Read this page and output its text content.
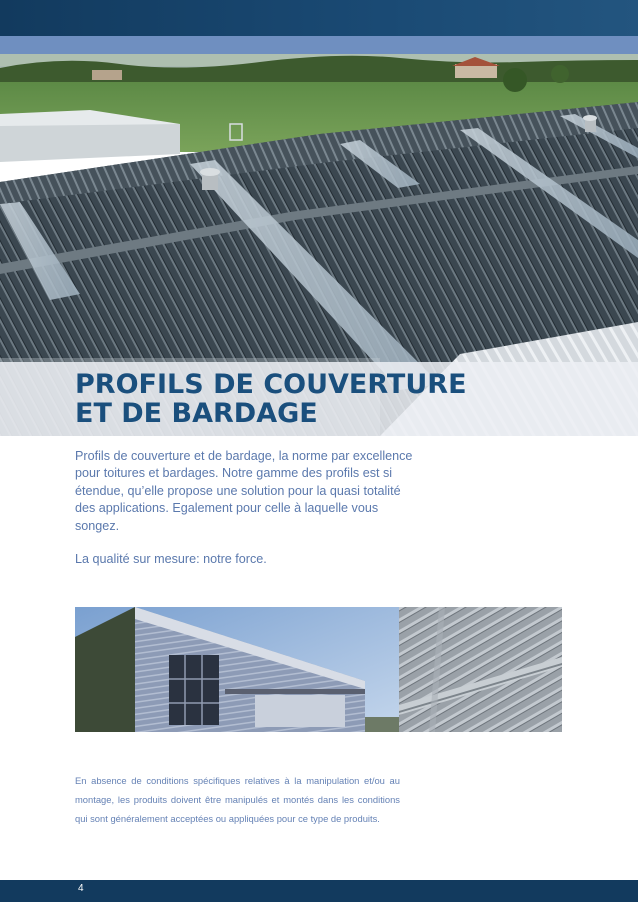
PROFILS DE COUVERTURE
ET DE BARDAGE

Profils de couverture et de bardage, la norme par excellence pour toitures et bardages. Notre gamme des profils est si étendue, qu’elle propose une solution pour la quasi totalité des applications. Egalement pour celle à laquelle vous songez.

La qualité sur mesure: notre force.

En absence de conditions spécifiques relatives à la manipulation et/ou au montage, les produits doivent être manipulés et montés dans les conditions qui sont généralement acceptées ou appliquées pour ce type de produits.
4
